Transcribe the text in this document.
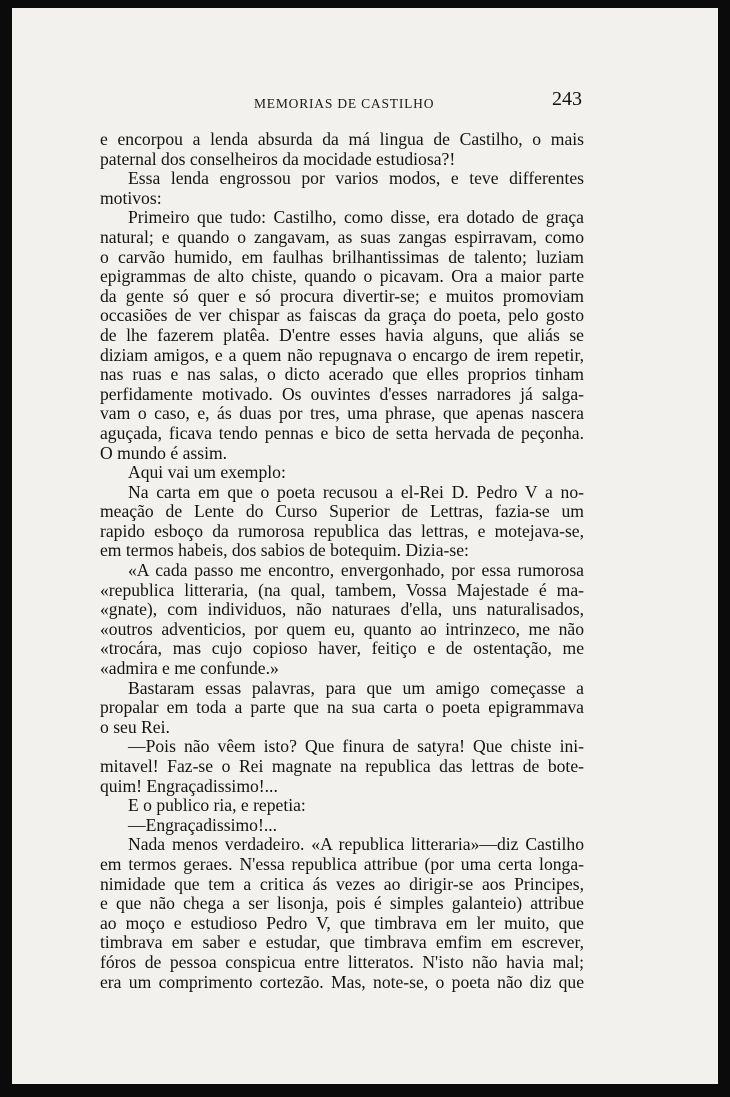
MEMORIAS DE CASTILHO	243
e encorpou a lenda absurda da má lingua de Castilho, o mais
paternal dos conselheiros da mocidade estudiosa?!
Essa lenda engrossou por varios modos, e teve differentes
motivos:
Primeiro que tudo: Castilho, como disse, era dotado de graça
natural; e quando o zangavam, as suas zangas espirravam, como
o carvão humido, em faulhas brilhantissimas de talento; luziam
epigrammas de alto chiste, quando o picavam. Ora a maior parte
da gente só quer e só procura divertir-se; e muitos promoviam
occasiões de ver chispar as faiscas da graça do poeta, pelo gosto
de lhe fazerem platêa. D'entre esses havia alguns, que aliás se
diziam amigos, e a quem não repugnava o encargo de irem repetir,
nas ruas e nas salas, o dicto acerado que elles proprios tinham
perfidamente motivado. Os ouvintes d'esses narradores já salga-
vam o caso, e, ás duas por tres, uma phrase, que apenas nascera
aguçada, ficava tendo pennas e bico de setta hervada de peçonha.
O mundo é assim.
Aqui vai um exemplo:
Na carta em que o poeta recusou a el-Rei D. Pedro V a no-
meação de Lente do Curso Superior de Lettras, fazia-se um
rapido esboço da rumorosa republica das lettras, e motejava-se,
em termos habeis, dos sabios de botequim. Dizia-se:
«A cada passo me encontro, envergonhado, por essa rumorosa
«republica litteraria, (na qual, tambem, Vossa Majestade é ma-
«gnate), com individuos, não naturaes d'ella, uns naturalisados,
«outros adventicios, por quem eu, quanto ao intrinzeco, me não
«trocára, mas cujo copioso haver, feitiço e de ostentação, me
«admira e me confunde.»
Bastaram essas palavras, para que um amigo começasse a
propalar em toda a parte que na sua carta o poeta epigrammava
o seu Rei.
—Pois não vêem isto? Que finura de satyra! Que chiste ini-
mitavel! Faz-se o Rei magnate na republica das lettras de bote-
quim! Engraçadissimo!...
E o publico ria, e repetia:
—Engraçadissimo!...
Nada menos verdadeiro. «A republica litteraria»—diz Castilho
em termos geraes. N'essa republica attribue (por uma certa longa-
nimidade que tem a critica ás vezes ao dirigir-se aos Principes,
e que não chega a ser lisonja, pois é simples galanteio) attribue
ao moço e estudioso Pedro V, que timbrava em ler muito, que
timbrava em saber e estudar, que timbrava emfim em escrever,
fóros de pessoa conspicua entre litteratos. N'isto não havia mal;
era um comprimento cortezão. Mas, note-se, o poeta não diz que
